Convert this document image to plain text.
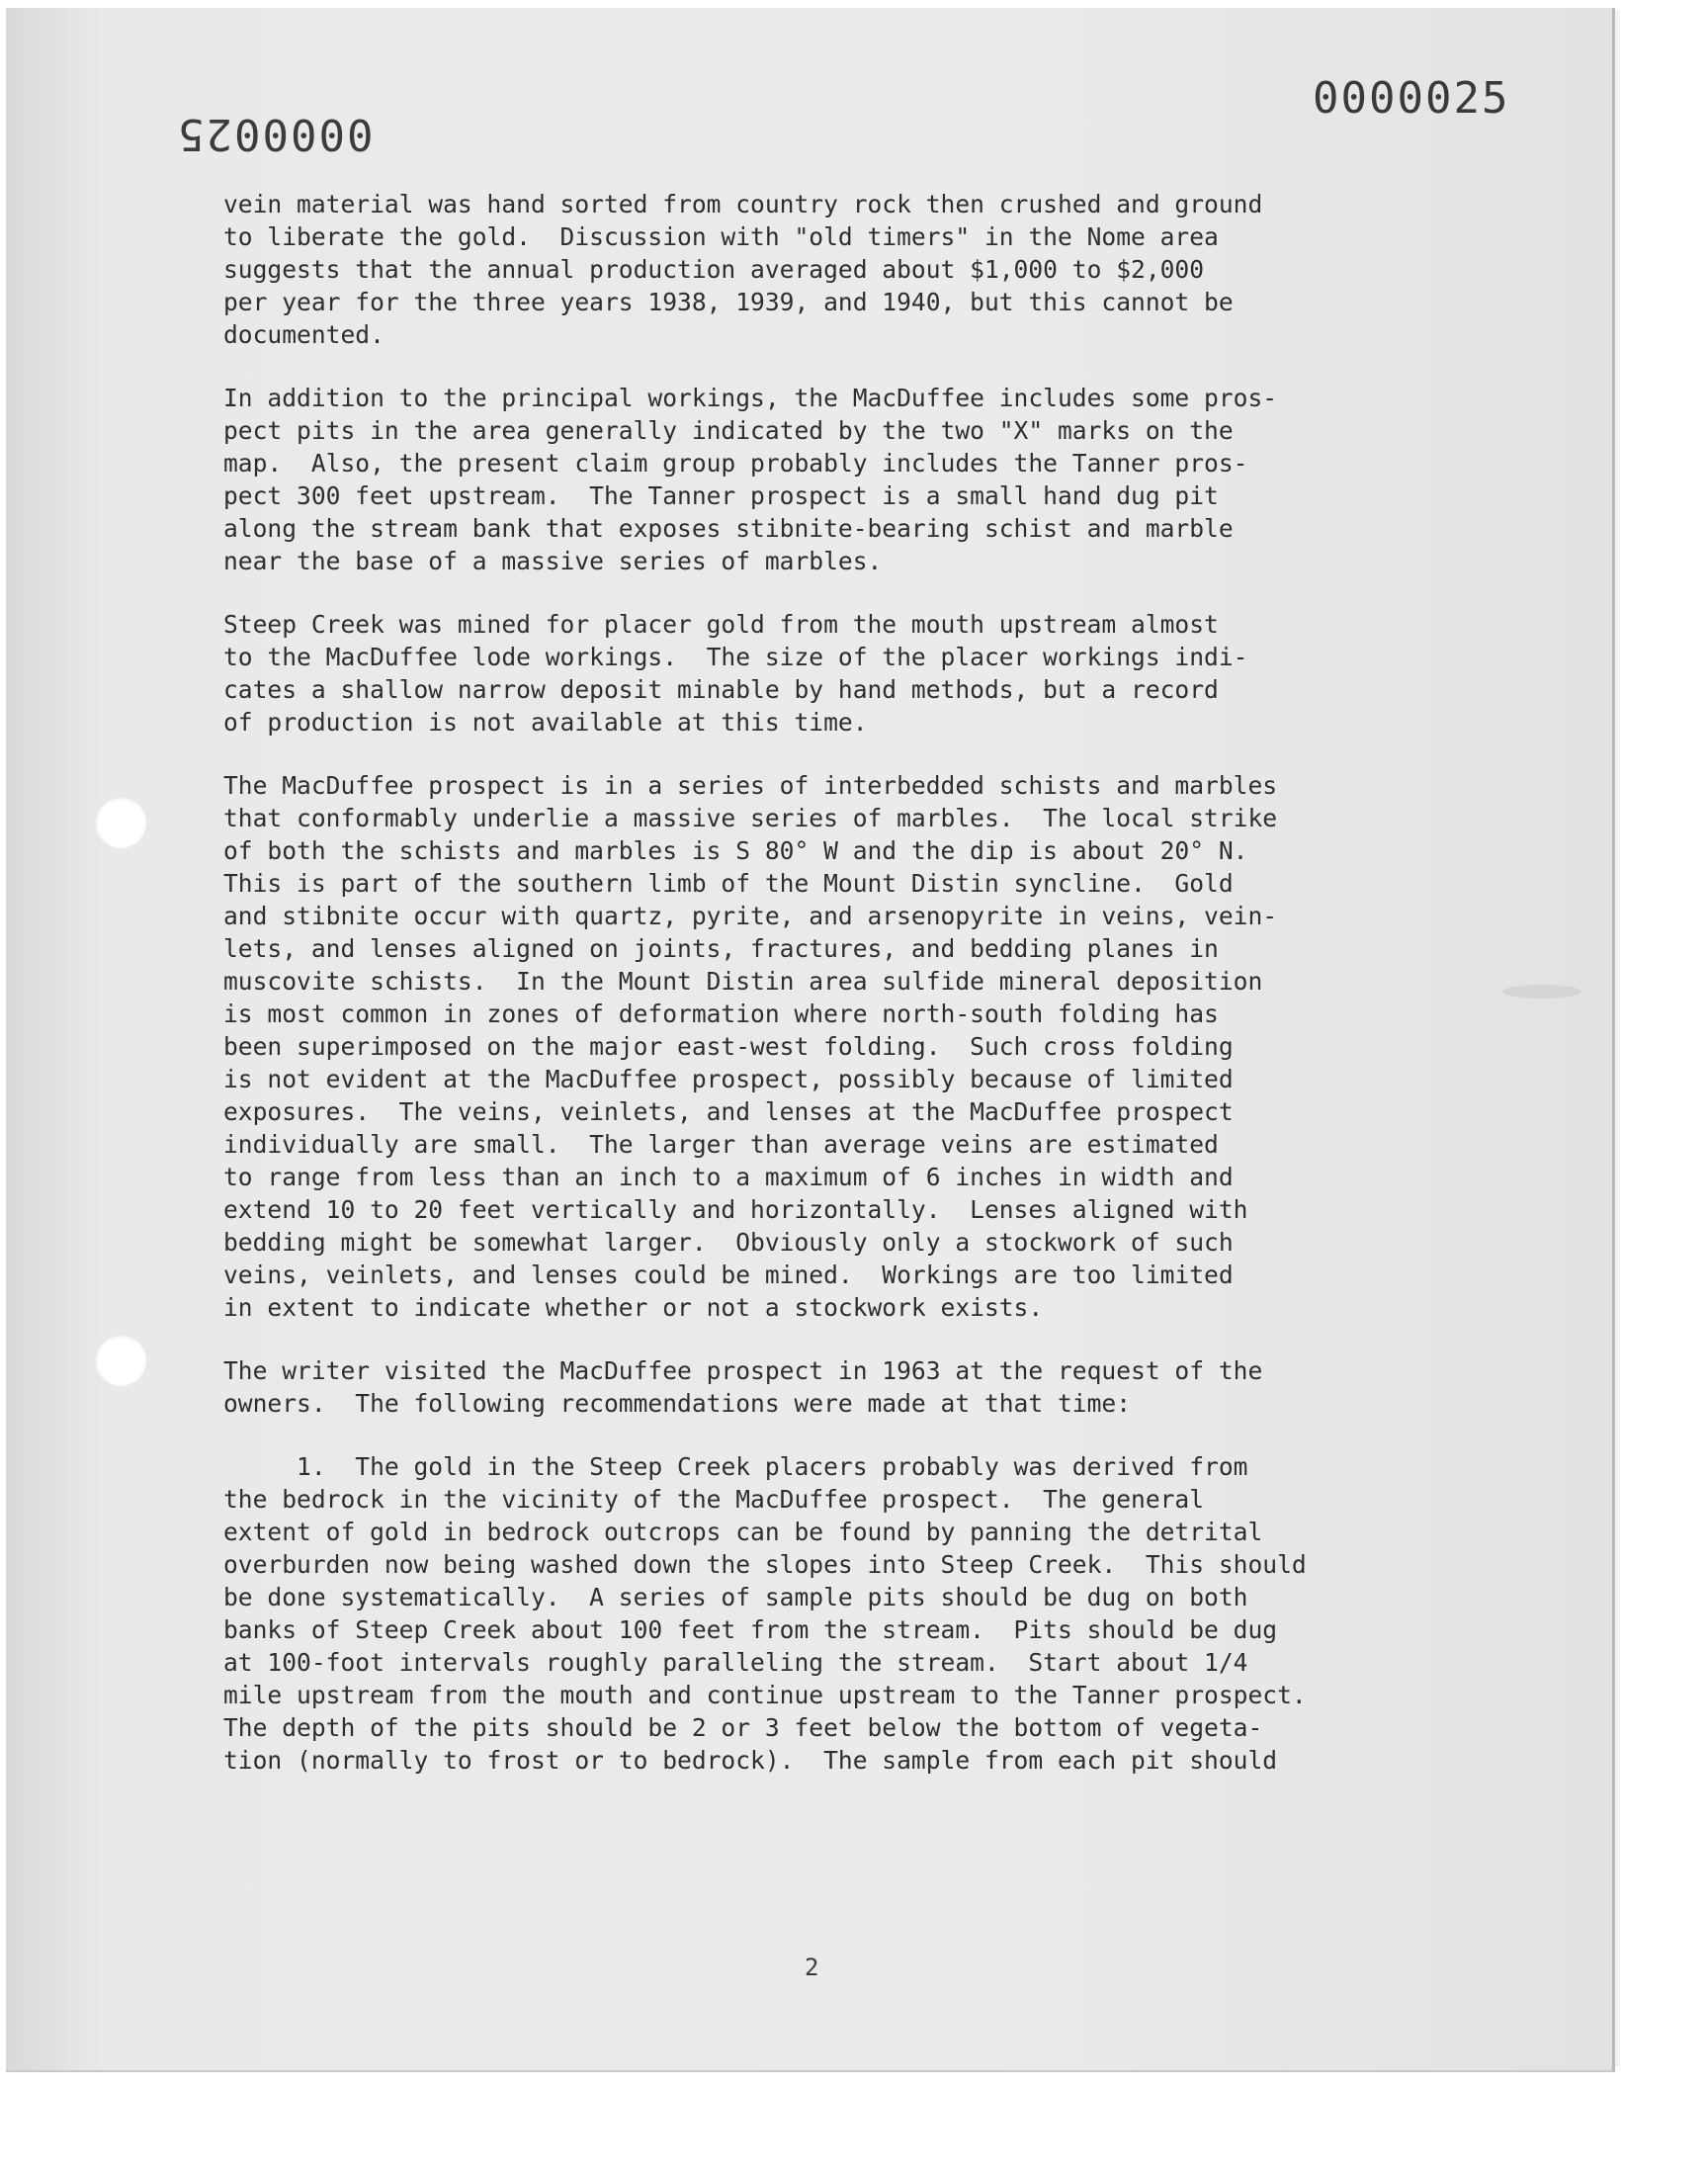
0000025
0000025

vein material was hand sorted from country rock then crushed and ground
to liberate the gold.  Discussion with "old timers" in the Nome area
suggests that the annual production averaged about $1,000 to $2,000
per year for the three years 1938, 1939, and 1940, but this cannot be
documented.

In addition to the principal workings, the MacDuffee includes some pros-
pect pits in the area generally indicated by the two "X" marks on the
map.  Also, the present claim group probably includes the Tanner pros-
pect 300 feet upstream.  The Tanner prospect is a small hand dug pit
along the stream bank that exposes stibnite-bearing schist and marble
near the base of a massive series of marbles.

Steep Creek was mined for placer gold from the mouth upstream almost
to the MacDuffee lode workings.  The size of the placer workings indi-
cates a shallow narrow deposit minable by hand methods, but a record
of production is not available at this time.

The MacDuffee prospect is in a series of interbedded schists and marbles
that conformably underlie a massive series of marbles.  The local strike
of both the schists and marbles is S 80° W and the dip is about 20° N.
This is part of the southern limb of the Mount Distin syncline.  Gold
and stibnite occur with quartz, pyrite, and arsenopyrite in veins, vein-
lets, and lenses aligned on joints, fractures, and bedding planes in
muscovite schists.  In the Mount Distin area sulfide mineral deposition
is most common in zones of deformation where north-south folding has
been superimposed on the major east-west folding.  Such cross folding
is not evident at the MacDuffee prospect, possibly because of limited
exposures.  The veins, veinlets, and lenses at the MacDuffee prospect
individually are small.  The larger than average veins are estimated
to range from less than an inch to a maximum of 6 inches in width and
extend 10 to 20 feet vertically and horizontally.  Lenses aligned with
bedding might be somewhat larger.  Obviously only a stockwork of such
veins, veinlets, and lenses could be mined.  Workings are too limited
in extent to indicate whether or not a stockwork exists.

The writer visited the MacDuffee prospect in 1963 at the request of the
owners.  The following recommendations were made at that time:

1.  The gold in the Steep Creek placers probably was derived from
the bedrock in the vicinity of the MacDuffee prospect.  The general
extent of gold in bedrock outcrops can be found by panning the detrital
overburden now being washed down the slopes into Steep Creek.  This should
be done systematically.  A series of sample pits should be dug on both
banks of Steep Creek about 100 feet from the stream.  Pits should be dug
at 100-foot intervals roughly paralleling the stream.  Start about 1/4
mile upstream from the mouth and continue upstream to the Tanner prospect.
The depth of the pits should be 2 or 3 feet below the bottom of vegeta-
tion (normally to frost or to bedrock).  The sample from each pit should

2
